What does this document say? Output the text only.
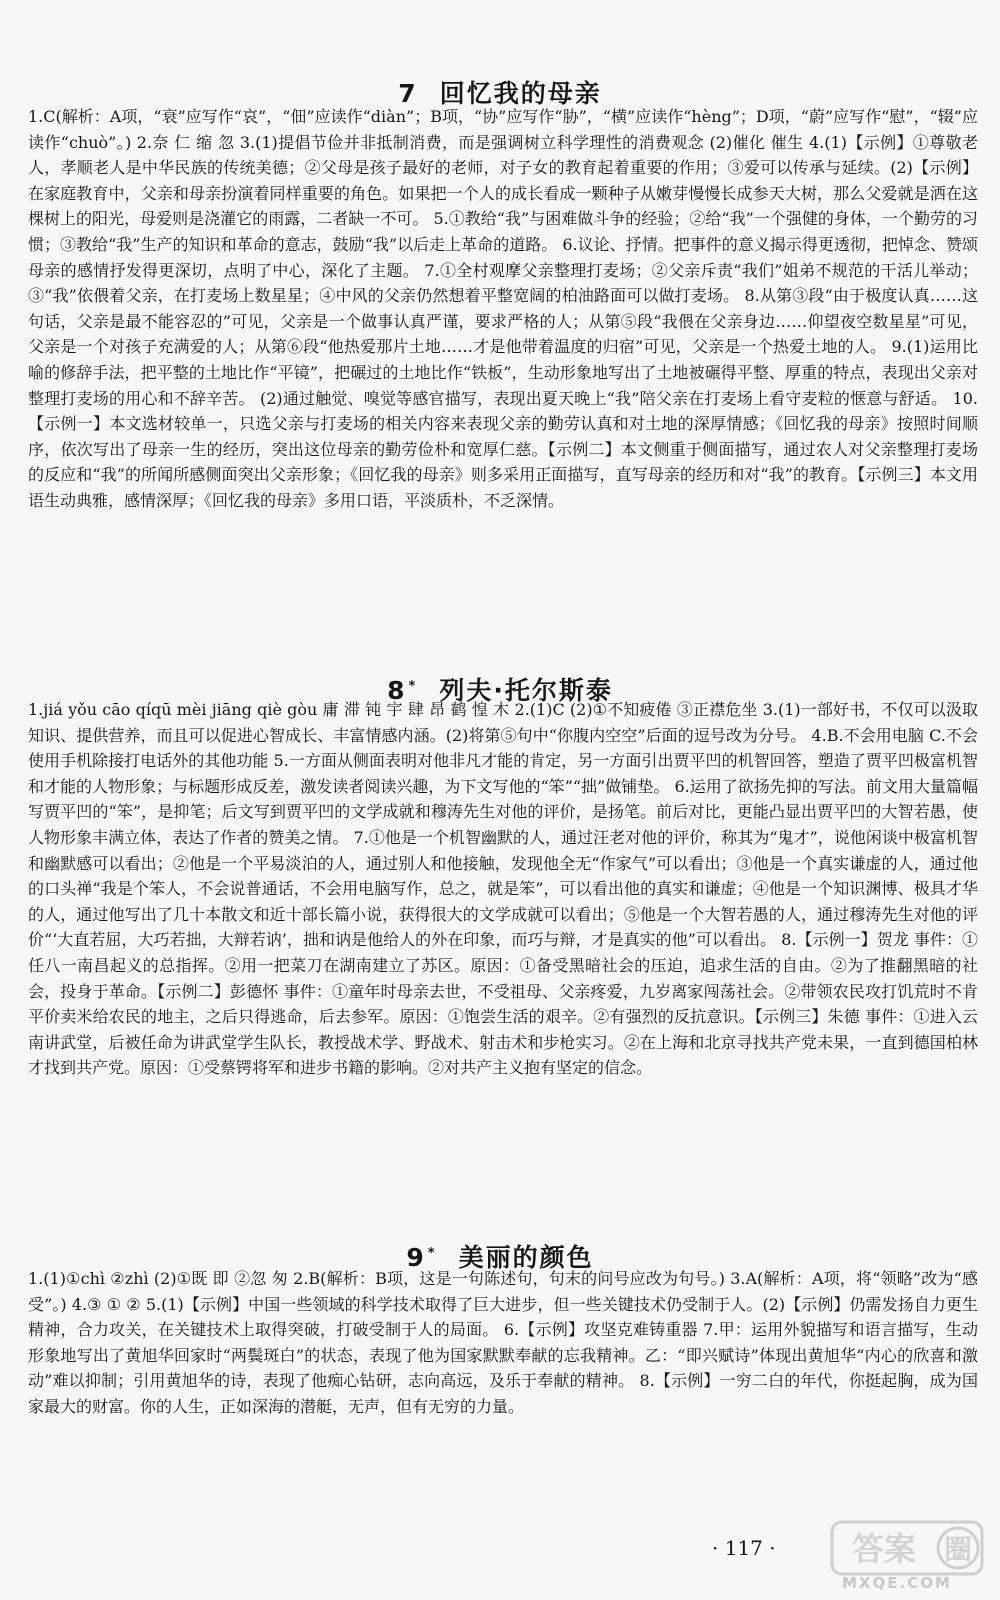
7 回忆我的母亲

1.C(解析：A项，“衰”应写作“哀”，“佃”应读作“diàn”；B项，“协”应写作“胁”，“横”应读作“hèng”；D项，“蔚”应写作“慰”，“辍”应读作“chuò”。) 2.奈 仁 缩 忽 3.(1)提倡节俭并非抵制消费，而是强调树立科学理性的消费观念 (2)催化 催生 4.(1)【示例】①尊敬老人，孝顺老人是中华民族的传统美德；②父母是孩子最好的老师，对子女的教育起着重要的作用；③爱可以传承与延续。(2)【示例】在家庭教育中，父亲和母亲扮演着同样重要的角色。如果把一个人的成长看成一颗种子从嫩芽慢慢长成参天大树，那么父爱就是洒在这棵树上的阳光，母爱则是浇灌它的雨露，二者缺一不可。 5.①教给“我”与困难做斗争的经验；②给“我”一个强健的身体，一个勤劳的习惯；③教给“我”生产的知识和革命的意志，鼓励“我”以后走上革命的道路。 6.议论、抒情。把事件的意义揭示得更透彻，把悼念、赞颂母亲的感情抒发得更深切，点明了中心，深化了主题。 7.①全村观摩父亲整理打麦场；②父亲斥责“我们”姐弟不规范的干活儿举动；③“我”依偎着父亲，在打麦场上数星星；④中风的父亲仍然想着平整宽阔的柏油路面可以做打麦场。 8.从第③段“由于极度认真……这句话，父亲是最不能容忍的”可见，父亲是一个做事认真严谨，要求严格的人；从第⑤段“我偎在父亲身边……仰望夜空数星星”可见，父亲是一个对孩子充满爱的人；从第⑥段“他热爱那片土地……才是他带着温度的归宿”可见，父亲是一个热爱土地的人。 9.(1)运用比喻的修辞手法，把平整的土地比作“平镜”，把碾过的土地比作“铁板”，生动形象地写出了土地被碾得平整、厚重的特点，表现出父亲对整理打麦场的用心和不辞辛苦。 (2)通过触觉、嗅觉等感官描写，表现出夏天晚上“我”陪父亲在打麦场上看守麦粒的惬意与舒适。 10.【示例一】本文选材较单一，只选父亲与打麦场的相关内容来表现父亲的勤劳认真和对土地的深厚情感；《回忆我的母亲》按照时间顺序，依次写出了母亲一生的经历，突出这位母亲的勤劳俭朴和宽厚仁慈。【示例二】本文侧重于侧面描写，通过农人对父亲整理打麦场的反应和“我”的所闻所感侧面突出父亲形象；《回忆我的母亲》则多采用正面描写，直写母亲的经历和对“我”的教育。【示例三】本文用语生动典雅，感情深厚；《回忆我的母亲》多用口语，平淡质朴，不乏深情。

8 * 列夫·托尔斯泰

1.jiá yǒu cāo qíqū mèi jiāng qiè gòu 庸 滞 钝 宇 肆 昂 鹤 惶 木 2.(1)C (2)①不知疲倦 ③正襟危坐 3.(1)一部好书，不仅可以汲取知识、提供营养，而且可以促进心智成长、丰富情感内涵。(2)将第⑤句中“你腹内空空”后面的逗号改为分号。 4.B.不会用电脑 C.不会使用手机除接打电话外的其他功能 5.一方面从侧面表明对他非凡才能的肯定，另一方面引出贾平凹的机智回答，塑造了贾平凹极富机智和才能的人物形象；与标题形成反差，激发读者阅读兴趣，为下文写他的“笨”“拙”做铺垫。 6.运用了欲扬先抑的写法。前文用大量篇幅写贾平凹的“笨”，是抑笔；后文写到贾平凹的文学成就和穆涛先生对他的评价，是扬笔。前后对比，更能凸显出贾平凹的大智若愚，使人物形象丰满立体，表达了作者的赞美之情。 7.①他是一个机智幽默的人，通过汪老对他的评价，称其为“鬼才”，说他闲谈中极富机智和幽默感可以看出；②他是一个平易淡泊的人，通过别人和他接触，发现他全无“作家气”可以看出；③他是一个真实谦虚的人，通过他的口头禅“我是个笨人，不会说普通话，不会用电脑写作，总之，就是笨”，可以看出他的真实和谦虚；④他是一个知识渊博、极具才华的人，通过他写出了几十本散文和近十部长篇小说，获得很大的文学成就可以看出；⑤他是一个大智若愚的人，通过穆涛先生对他的评价“‘大直若屈，大巧若拙，大辩若讷’，拙和讷是他给人的外在印象，而巧与辩，才是真实的他”可以看出。 8.【示例一】贺龙 事件：①任八一南昌起义的总指挥。②用一把菜刀在湖南建立了苏区。原因：①备受黑暗社会的压迫，追求生活的自由。②为了推翻黑暗的社会，投身于革命。【示例二】彭德怀 事件：①童年时母亲去世，不受祖母、父亲疼爱，九岁离家闯荡社会。②带领农民攻打饥荒时不肯平价卖米给农民的地主，之后只得逃命，后去参军。原因：①饱尝生活的艰辛。②有强烈的反抗意识。【示例三】朱德 事件：①进入云南讲武堂，后被任命为讲武堂学生队长，教授战术学、野战术、射击术和步枪实习。②在上海和北京寻找共产党未果，一直到德国柏林才找到共产党。原因：①受蔡锷将军和进步书籍的影响。②对共产主义抱有坚定的信念。

9 * 美丽的颜色

1.(1)①chì ②zhì (2)①既 即 ②忽 匆 2.B(解析：B项，这是一句陈述句，句末的问号应改为句号。) 3.A(解析：A项，将“领略”改为“感受”。) 4.③ ① ② 5.(1)【示例】中国一些领域的科学技术取得了巨大进步，但一些关键技术仍受制于人。(2)【示例】仍需发扬自力更生精神，合力攻关，在关键技术上取得突破，打破受制于人的局面。 6.【示例】攻坚克难铸重器 7.甲：运用外貌描写和语言描写，生动形象地写出了黄旭华回家时“两鬓斑白”的状态，表现了他为国家默默奉献的忘我精神。乙：“即兴赋诗”体现出黄旭华“内心的欣喜和激动”难以抑制；引用黄旭华的诗，表现了他痴心钻研，志向高远，及乐于奉献的精神。 8.【示例】一穷二白的年代，你挺起胸，成为国家最大的财富。你的人生，正如深海的潜艇，无声，但有无穷的力量。

· 117 · 答案 圈
MXQE.COM
